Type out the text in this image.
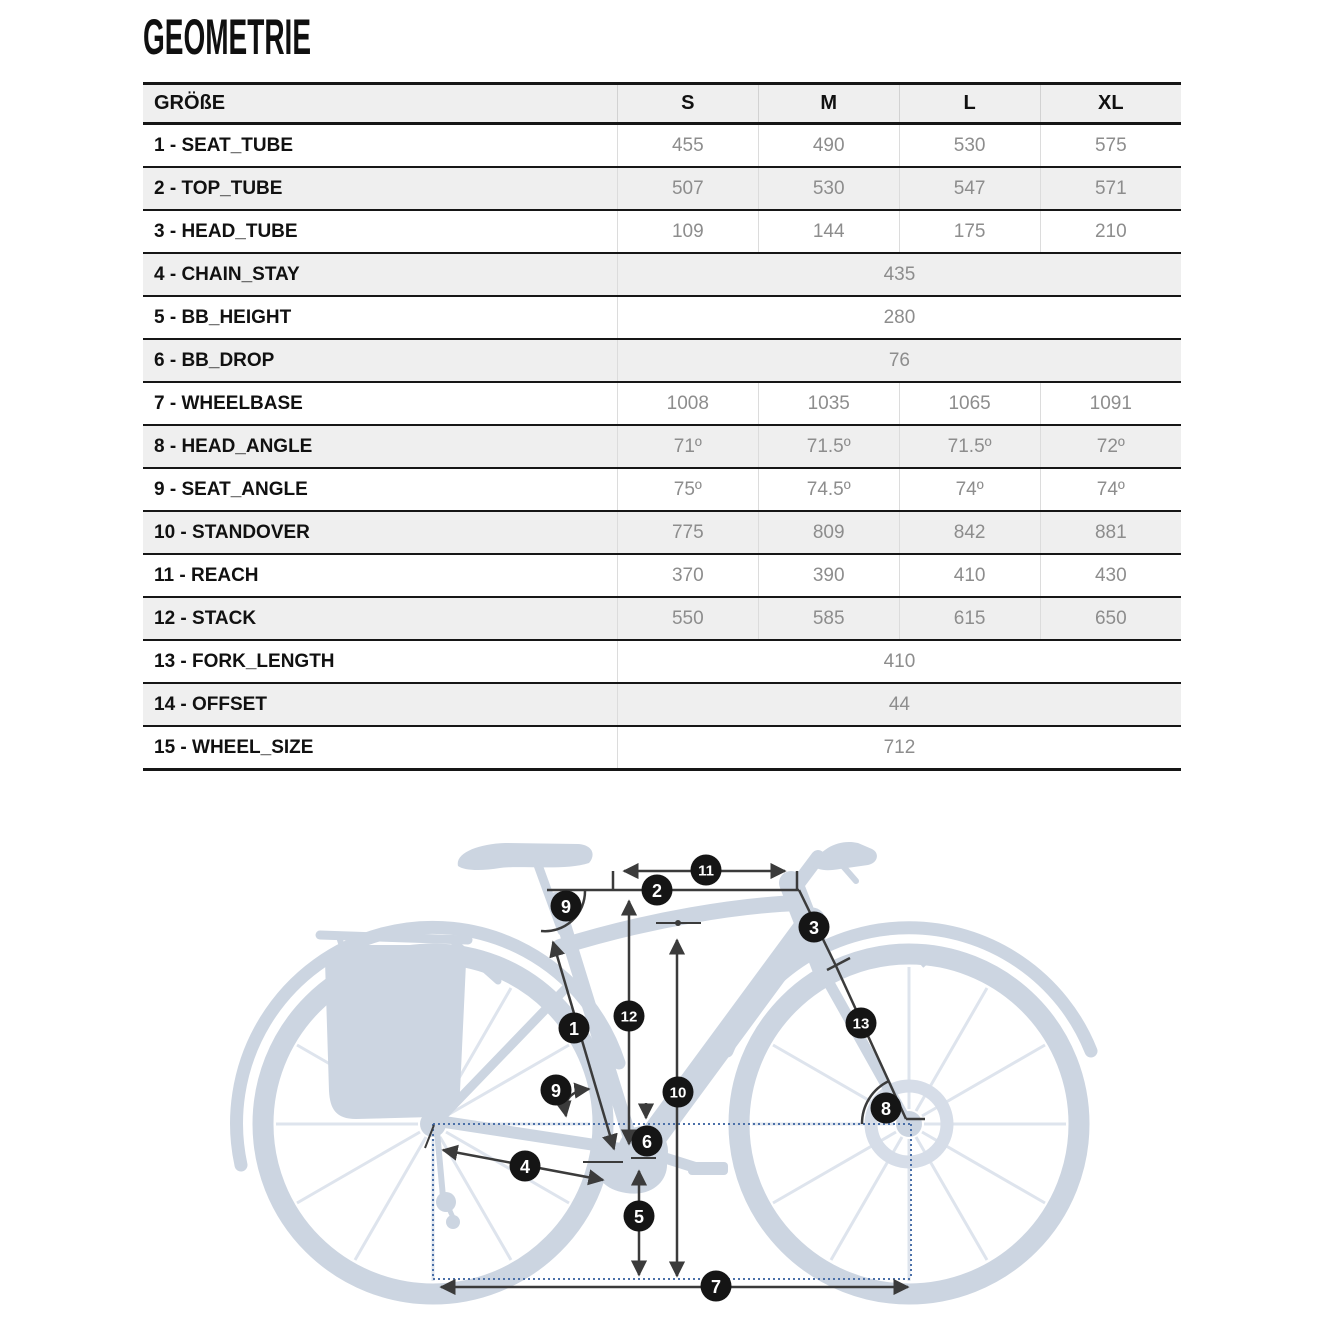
GEOMETRIE
GRÖßE	S	M	L	XL
1 - SEAT_TUBE	455	490	530	575
2 - TOP_TUBE	507	530	547	571
3 - HEAD_TUBE	109	144	175	210
4 - CHAIN_STAY	435			
5 - BB_HEIGHT	280			
6 - BB_DROP	76			
7 - WHEELBASE	1008	1035	1065	1091
8 - HEAD_ANGLE	71º	71.5º	71.5º	72º
9 - SEAT_ANGLE	75º	74.5º	74º	74º
10 - STANDOVER	775	809	842	881
11 - REACH	370	390	410	430
12 - STACK	550	585	615	650
13 - FORK_LENGTH	410			
14 - OFFSET	44			
15 - WHEEL_SIZE	712			
1
2
3
4
5
6
7
8
9
9	10
11
12	13
